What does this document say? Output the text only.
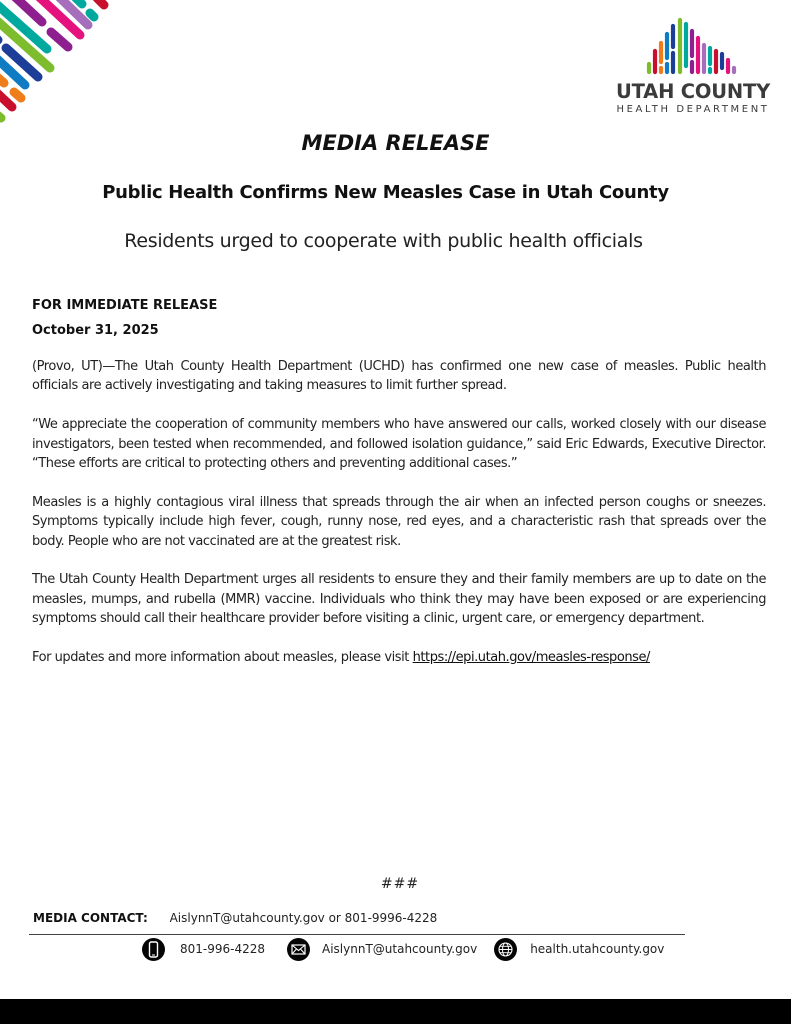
UTAH COUNTY
HEALTH DEPARTMENT
MEDIA RELEASE
Public Health Confirms New Measles Case in Utah County
Residents urged to cooperate with public health officials
FOR IMMEDIATE RELEASE
October 31, 2025

(Provo, UT)—The Utah County Health Department (UCHD) has confirmed one new case of measles. Public health officials are actively investigating and taking measures to limit further spread.

“We appreciate the cooperation of community members who have answered our calls, worked closely with our disease investigators, been tested when recommended, and followed isolation guidance,” said Eric Edwards, Executive Director. “These efforts are critical to protecting others and preventing additional cases.”

Measles is a highly contagious viral illness that spreads through the air when an infected person coughs or sneezes. Symptoms typically include high fever, cough, runny nose, red eyes, and a characteristic rash that spreads over the body. People who are not vaccinated are at the greatest risk.

The Utah County Health Department urges all residents to ensure they and their family members are up to date on the measles, mumps, and rubella (MMR) vaccine. Individuals who think they may have been exposed or are experiencing symptoms should call their healthcare provider before visiting a clinic, urgent care, or emergency department.

For updates and more information about measles, please visit https://epi.utah.gov/measles-response/

###
MEDIA CONTACT: AislynnT@utahcounty.gov or 801-9996-4228
801-996-4228	AislynnT@utahcounty.gov	health.utahcounty.gov
